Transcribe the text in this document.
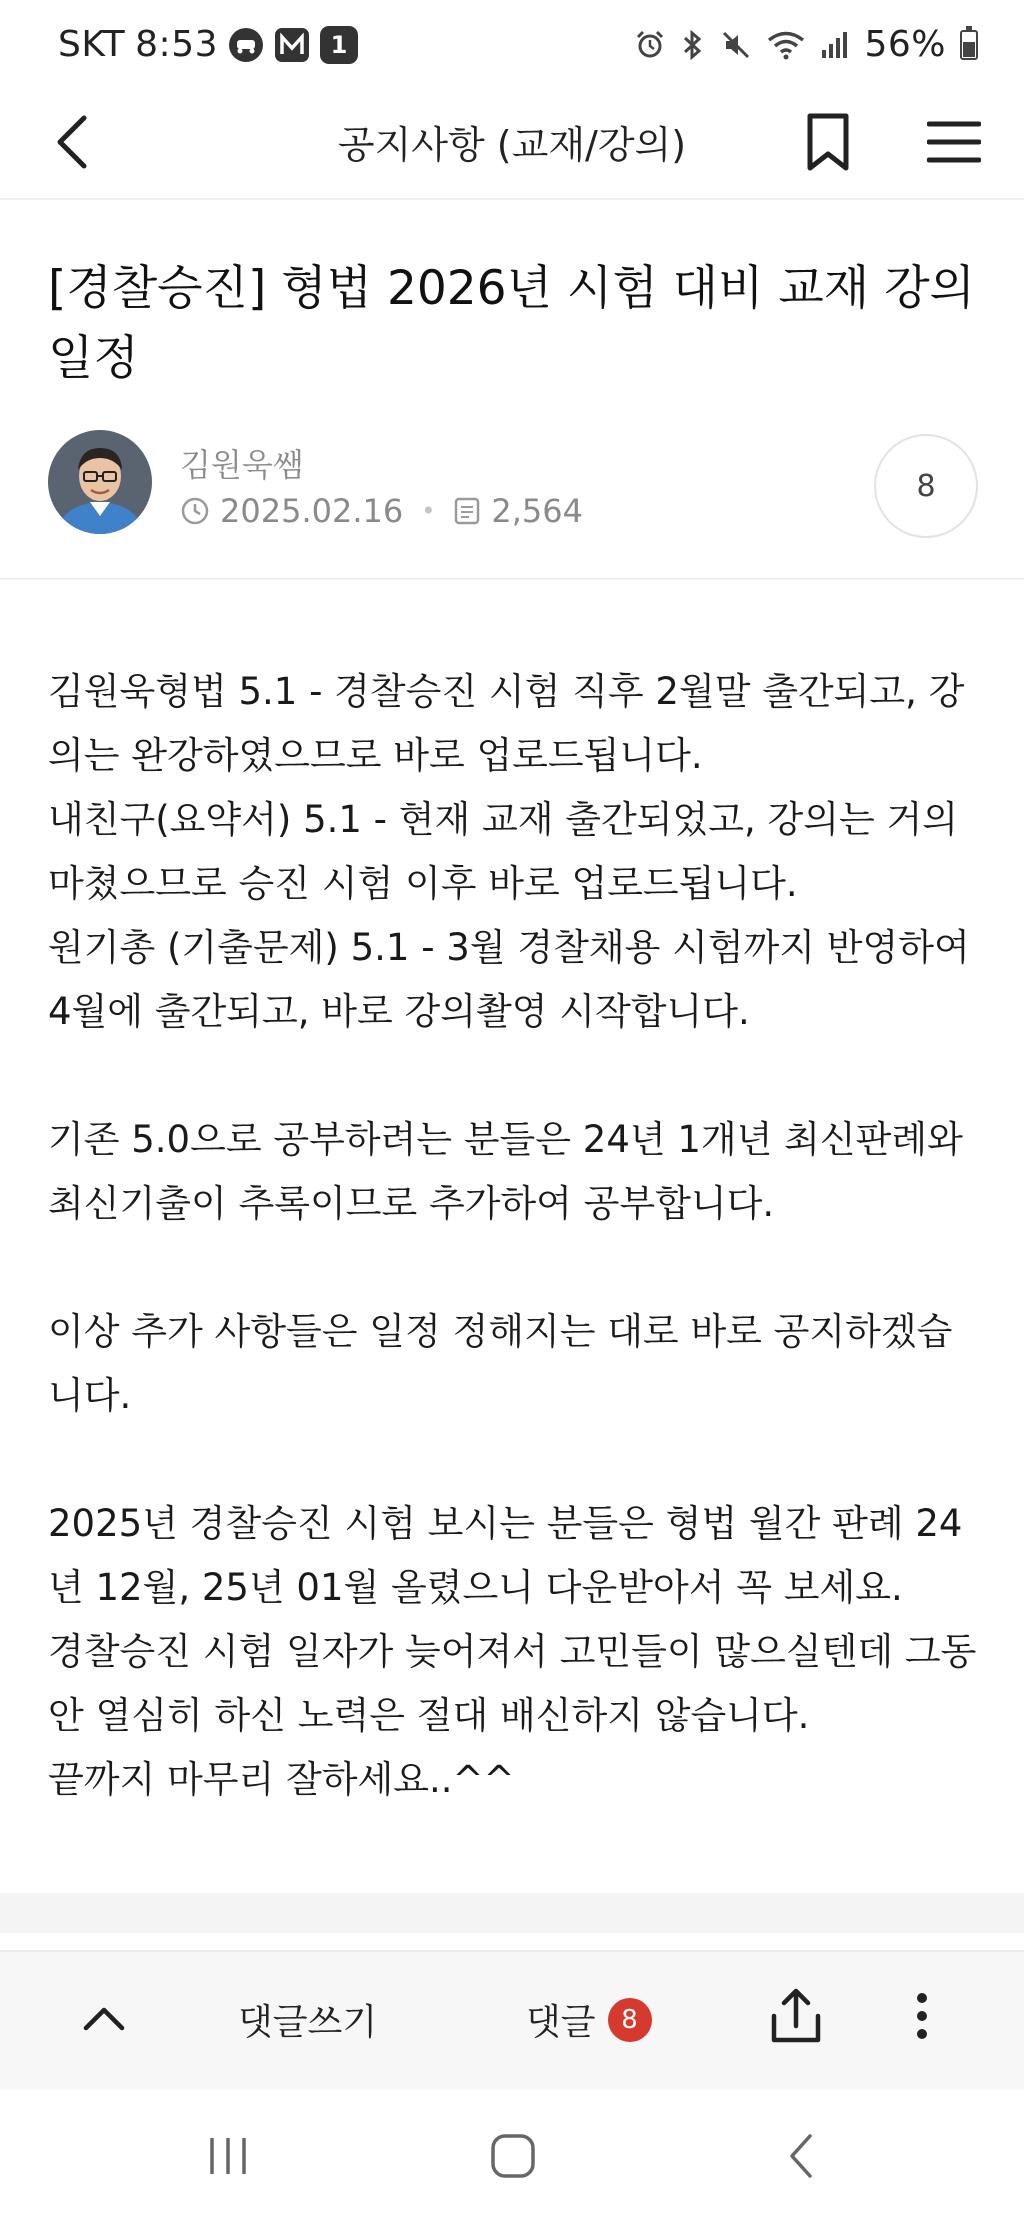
SKT 8:53	1	56%
공지사항 (교재/강의)
[경찰승진] 형법 2026년 시험 대비 교재 강의 일정
김원욱쌤
2025.02.16 • 2,564
8

김원욱형법 5.1 - 경찰승진 시험 직후 2월말 출간되고, 강의는 완강하였으므로 바로 업로드됩니다.

내친구(요약서) 5.1 - 현재 교재 출간되었고, 강의는 거의 마쳤으므로 승진 시험 이후 바로 업로드됩니다.

원기총 (기출문제) 5.1 - 3월 경찰채용 시험까지 반영하여 4월에 출간되고, 바로 강의촬영 시작합니다.

기존 5.0으로 공부하려는 분들은 24년 1개년 최신판례와 최신기출이 추록이므로 추가하여 공부합니다.

이상 추가 사항들은 일정 정해지는 대로 바로 공지하겠습니다.

2025년 경찰승진 시험 보시는 분들은 형법 월간 판례 24년 12월, 25년 01월 올렸으니 다운받아서 꼭 보세요.

경찰승진 시험 일자가 늦어져서 고민들이 많으실텐데 그동안 열심히 하신 노력은 절대 배신하지 않습니다.

끝까지 마무리 잘하세요..^^

댓글쓰기	댓글 8
